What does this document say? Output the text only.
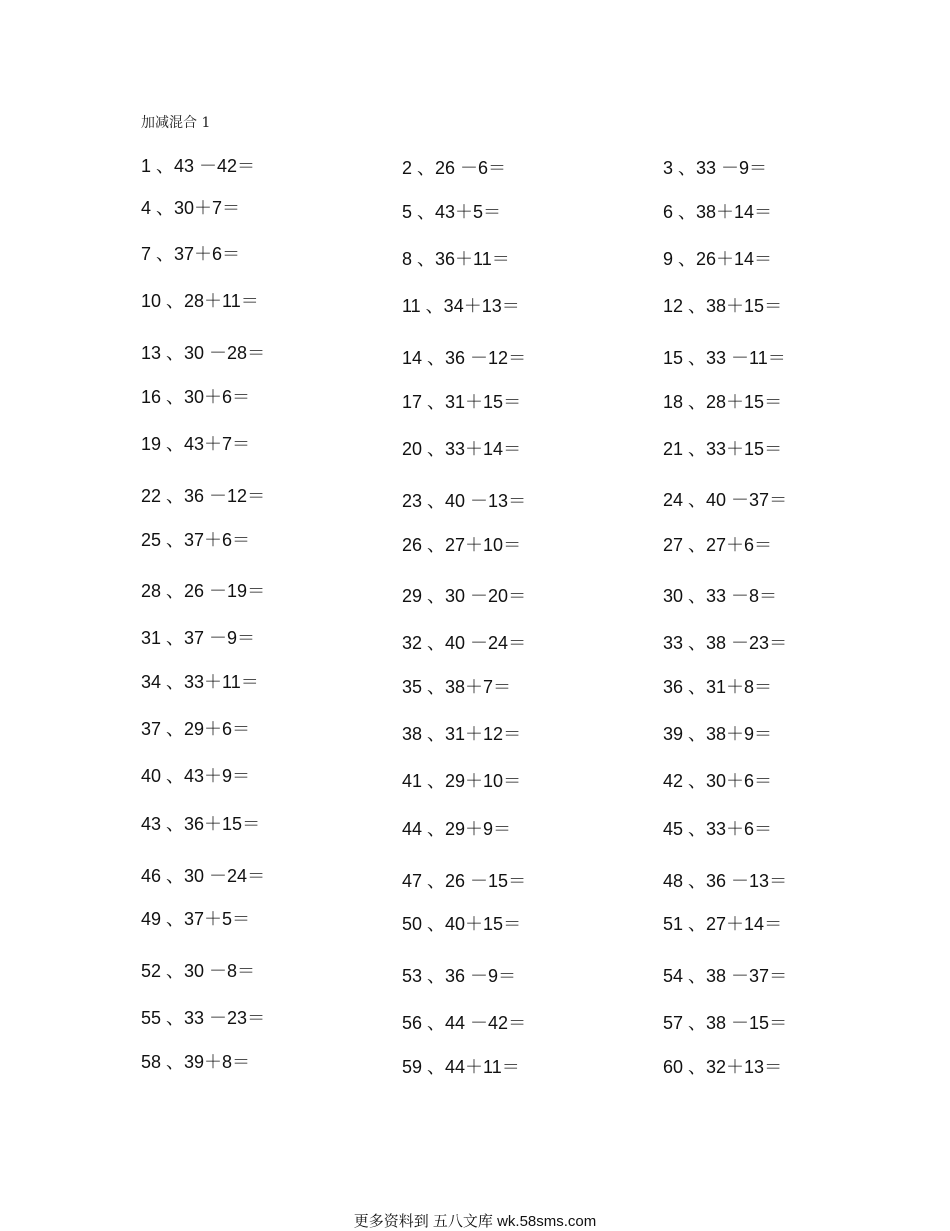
加减混合 1
1 、43 －42＝	2 、26 －6＝	3 、33 －9＝
4 、30＋7＝	5 、43＋5＝	6 、38＋14＝
7 、37＋6＝	8 、36＋11＝	9 、26＋14＝
10 、28＋11＝	11 、34＋13＝	12 、38＋15＝
13 、30 －28＝	14 、36 －12＝	15 、33 －11＝
16 、30＋6＝	17 、31＋15＝	18 、28＋15＝
19 、43＋7＝	20 、33＋14＝	21 、33＋15＝
22 、36 －12＝	23 、40 －13＝	24 、40 －37＝
25 、37＋6＝	26 、27＋10＝	27 、27＋6＝
28 、26 －19＝	29 、30 －20＝	30 、33 －8＝
31 、37 －9＝	32 、40 －24＝	33 、38 －23＝
34 、33＋11＝	35 、38＋7＝	36 、31＋8＝
37 、29＋6＝	38 、31＋12＝	39 、38＋9＝
40 、43＋9＝	41 、29＋10＝	42 、30＋6＝
43 、36＋15＝	44 、29＋9＝	45 、33＋6＝
46 、30 －24＝	47 、26 －15＝	48 、36 －13＝
49 、37＋5＝	50 、40＋15＝	51 、27＋14＝
52 、30 －8＝	53 、36 －9＝	54 、38 －37＝
55 、33 －23＝	56 、44 －42＝	57 、38 －15＝
58 、39＋8＝	59 、44＋11＝	60 、32＋13＝
更多资料到 五八文库 wk.58sms.com
